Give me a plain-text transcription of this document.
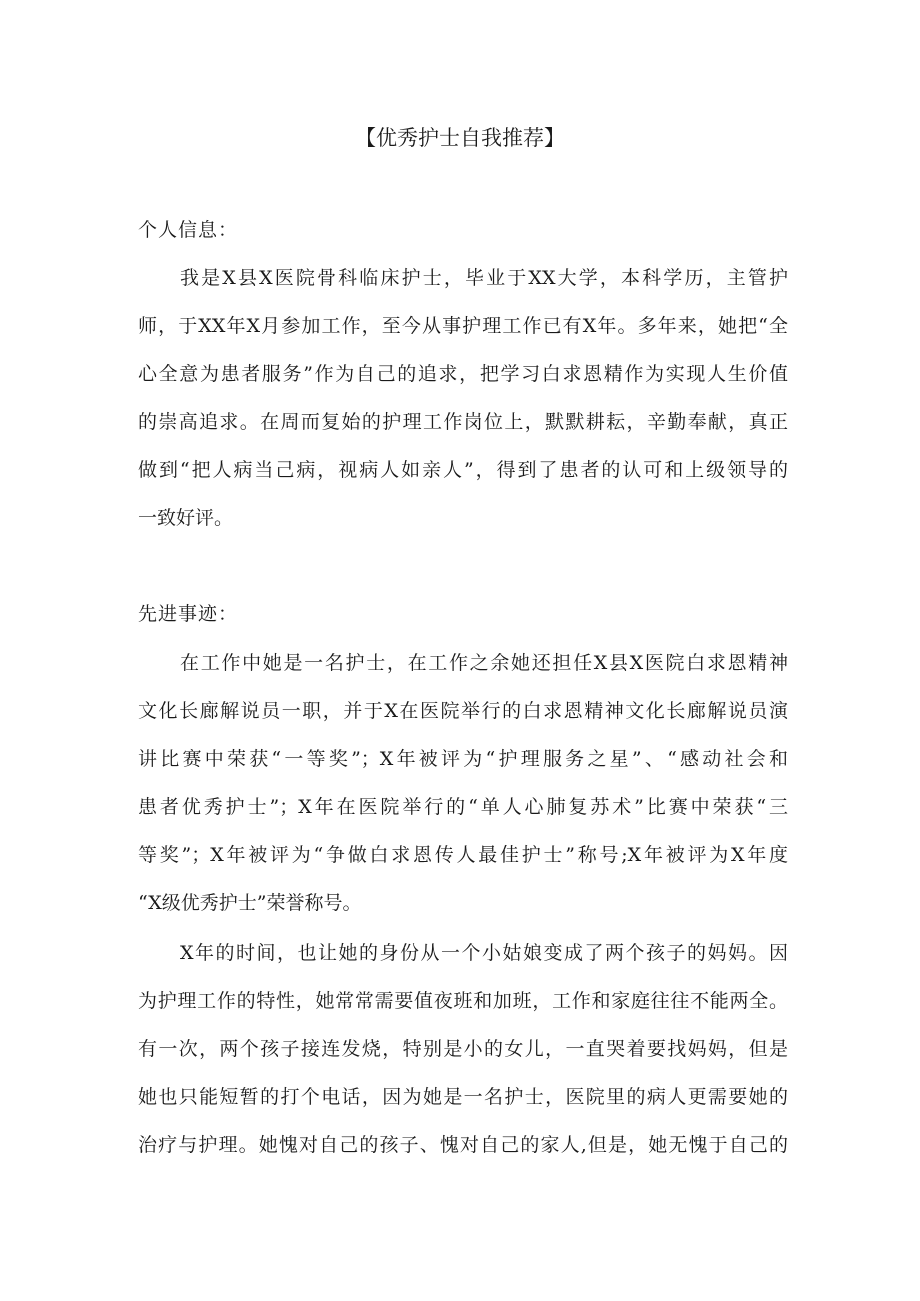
【优秀护士自我推荐】
个人信息：
我是X县X医院骨科临床护士，毕业于XX大学，本科学历，主管护
师，于XX年X月参加工作，至今从事护理工作已有X年。多年来，她把“全
心全意为患者服务”作为自己的追求，把学习白求恩精作为实现人生价值
的崇高追求。在周而复始的护理工作岗位上，默默耕耘，辛勤奉献，真正
做到“把人病当己病，视病人如亲人”，得到了患者的认可和上级领导的
一致好评。
先进事迹：
在工作中她是一名护士，在工作之余她还担任X县X医院白求恩精神
文化长廊解说员一职，并于X在医院举行的白求恩精神文化长廊解说员演
讲比赛中荣获“一等奖”；X年被评为“护理服务之星”、“感动社会和
患者优秀护士”；X年在医院举行的“单人心肺复苏术”比赛中荣获“三
等奖”；X年被评为“争做白求恩传人最佳护士”称号;X年被评为X年度
“X级优秀护士”荣誉称号。
X年的时间，也让她的身份从一个小姑娘变成了两个孩子的妈妈。因
为护理工作的特性，她常常需要值夜班和加班，工作和家庭往往不能两全。
有一次，两个孩子接连发烧，特别是小的女儿，一直哭着要找妈妈，但是
她也只能短暂的打个电话，因为她是一名护士，医院里的病人更需要她的
治疗与护理。她愧对自己的孩子、愧对自己的家人,但是，她无愧于自己的
